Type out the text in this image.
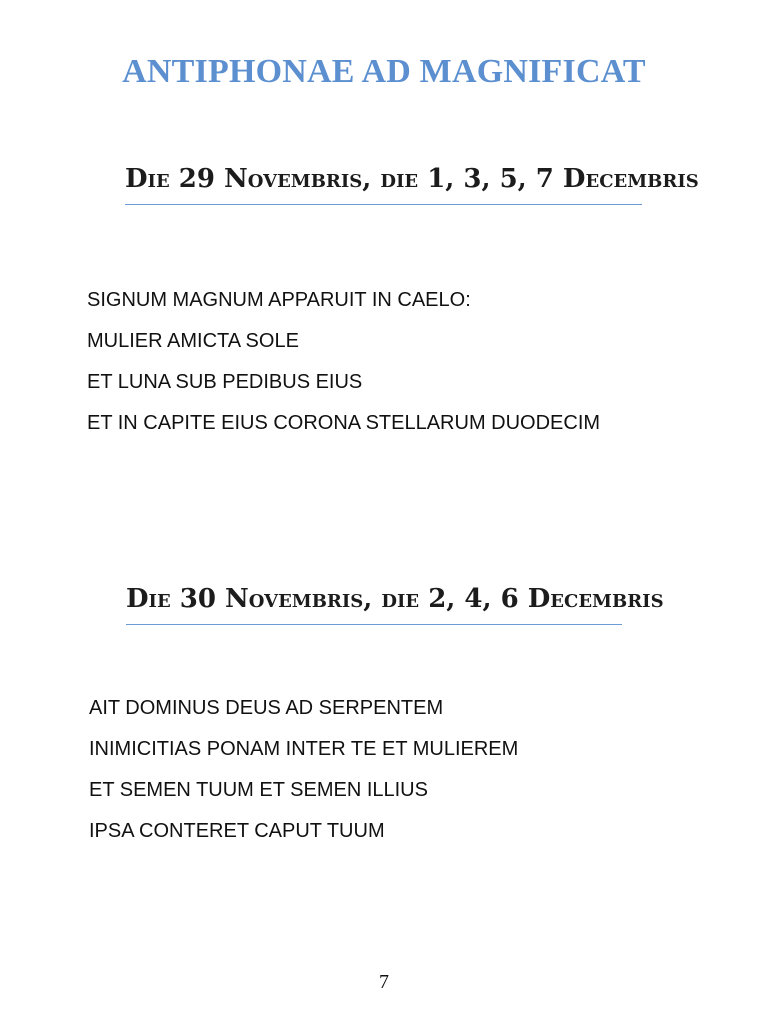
ANTIPHONAE AD MAGNIFICAT
Die 29 Novembris, die 1, 3, 5, 7 Decembris
SIGNUM MAGNUM APPARUIT IN CAELO:
MULIER AMICTA SOLE
ET LUNA SUB PEDIBUS EIUS
ET IN CAPITE EIUS CORONA STELLARUM DUODECIM
Die 30 Novembris, die 2, 4, 6 Decembris
AIT DOMINUS DEUS AD SERPENTEM
INIMICITIAS PONAM INTER TE ET MULIEREM
ET SEMEN TUUM ET SEMEN ILLIUS
IPSA CONTERET CAPUT TUUM
7
